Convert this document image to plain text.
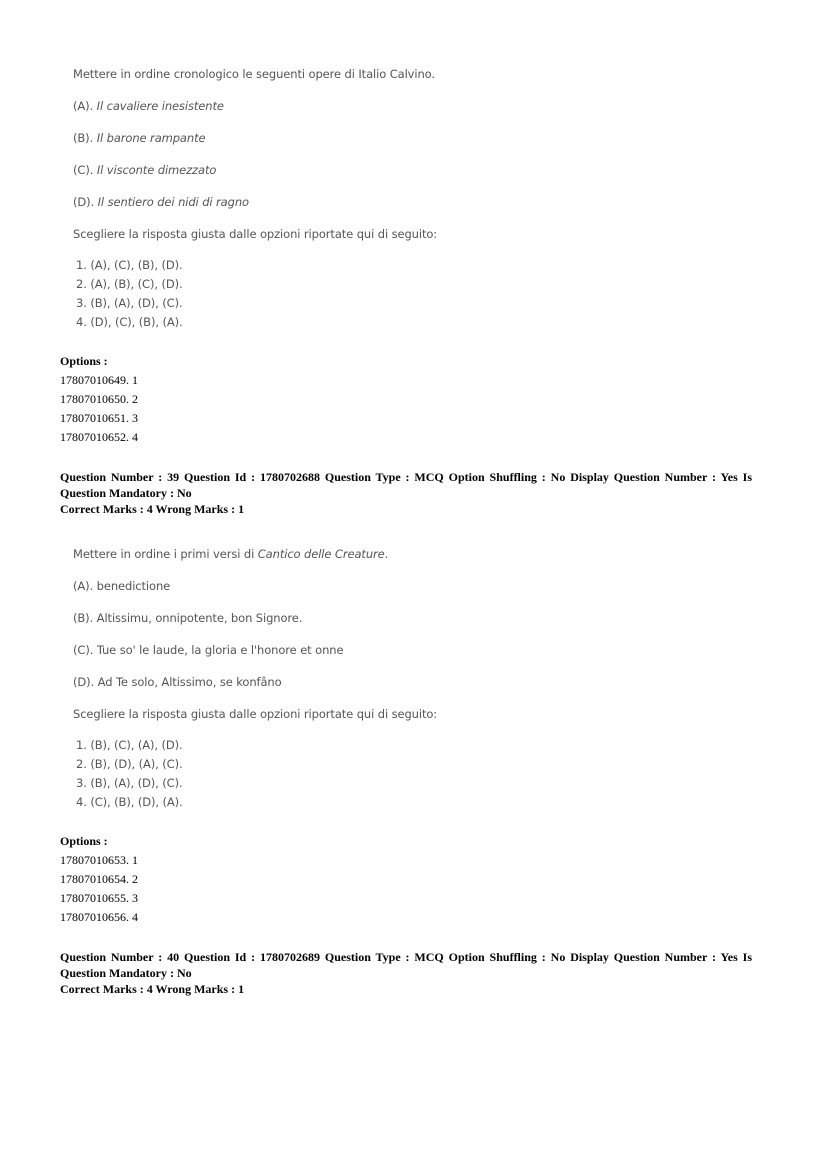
Mettere in ordine cronologico le seguenti opere di Italio Calvino.
(A). Il cavaliere inesistente
(B). Il barone rampante
(C). Il visconte dimezzato
(D). Il sentiero dei nidi di ragno
Scegliere la risposta giusta dalle opzioni riportate qui di seguito:
1. (A), (C), (B), (D).
2. (A), (B), (C), (D).
3. (B), (A), (D), (C).
4. (D), (C), (B), (A).
Options :
17807010649. 1
17807010650. 2
17807010651. 3
17807010652. 4
Question Number : 39 Question Id : 1780702688 Question Type : MCQ Option Shuffling : No Display Question Number : Yes Is Question Mandatory : No
Correct Marks : 4 Wrong Marks : 1
Mettere in ordine i primi versi di Cantico delle Creature.
(A). benedictione
(B). Altissimu, onnipotente, bon Signore.
(C). Tue so' le laude, la gloria e l'honore et onne
(D). Ad Te solo, Altissimo, se konfâno
Scegliere la risposta giusta dalle opzioni riportate qui di seguito:
1. (B), (C), (A), (D).
2. (B), (D), (A), (C).
3. (B), (A), (D), (C).
4. (C), (B), (D), (A).
Options :
17807010653. 1
17807010654. 2
17807010655. 3
17807010656. 4
Question Number : 40 Question Id : 1780702689 Question Type : MCQ Option Shuffling : No Display Question Number : Yes Is Question Mandatory : No
Correct Marks : 4 Wrong Marks : 1
